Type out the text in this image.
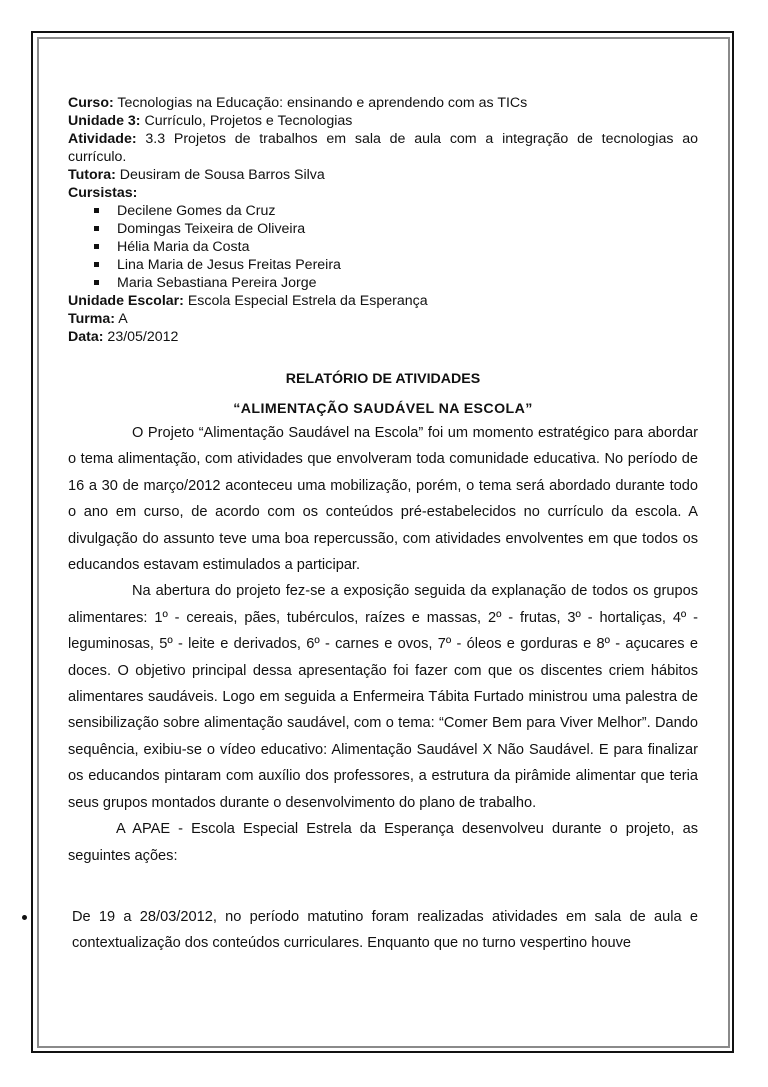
Curso: Tecnologias na Educação: ensinando e aprendendo com as TICs
Unidade 3: Currículo, Projetos e Tecnologias
Atividade: 3.3 Projetos de trabalhos em sala de aula com a integração de tecnologias ao
currículo.
Tutora: Deusiram de Sousa Barros Silva
Cursistas:
Decilene Gomes da Cruz
Domingas Teixeira de Oliveira
Hélia Maria da Costa
Lina Maria de Jesus Freitas Pereira
Maria Sebastiana Pereira Jorge
Unidade Escolar: Escola Especial Estrela da Esperança
Turma: A
Data: 23/05/2012
RELATÓRIO DE ATIVIDADES
“ALIMENTAÇÃO SAUDÁVEL NA ESCOLA”

O Projeto “Alimentação Saudável na Escola” foi um momento estratégico para abordar o tema alimentação, com atividades que envolveram toda comunidade educativa. No período de 16 a 30 de março/2012 aconteceu uma mobilização, porém, o tema será abordado durante todo o ano em curso, de acordo com os conteúdos pré-estabelecidos no currículo da escola. A divulgação do assunto teve uma boa repercussão, com atividades envolventes em que todos os educandos estavam estimulados a participar.

Na abertura do projeto fez-se a exposição seguida da explanação de todos os grupos alimentares: 1º - cereais, pães, tubérculos, raízes e massas, 2º - frutas, 3º - hortaliças, 4º - leguminosas, 5º - leite e derivados, 6º - carnes e ovos, 7º - óleos e gorduras e 8º - açucares e doces. O objetivo principal dessa apresentação foi fazer com que os discentes criem hábitos alimentares saudáveis. Logo em seguida a Enfermeira Tábita Furtado ministrou uma palestra de sensibilização sobre alimentação saudável, com o tema: “Comer Bem para Viver Melhor”. Dando sequência, exibiu-se o vídeo educativo: Alimentação Saudável X Não Saudável. E para finalizar os educandos pintaram com auxílio dos professores, a estrutura da pirâmide alimentar que teria seus grupos montados durante o desenvolvimento do plano de trabalho.

A APAE - Escola Especial Estrela da Esperança desenvolveu durante o projeto, as seguintes ações:

De 19 a 28/03/2012, no período matutino foram realizadas atividades em sala de aula e contextualização dos conteúdos curriculares. Enquanto que no turno vespertino houve
